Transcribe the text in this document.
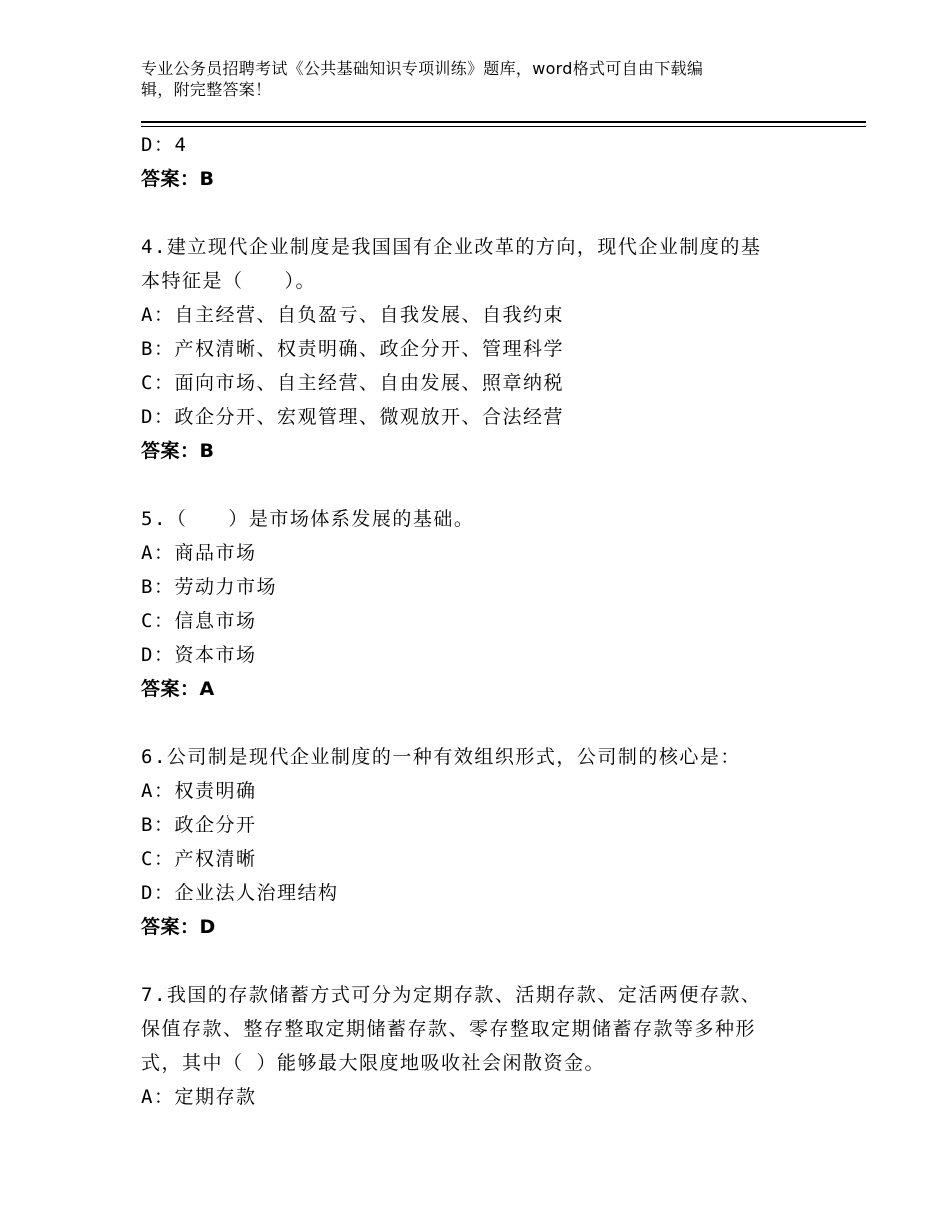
专业公务员招聘考试《公共基础知识专项训练》题库，word格式可自由下载编
辑，附完整答案！
D：4
答案：B
4.建立现代企业制度是我国国有企业改革的方向，现代企业制度的基
本特征是（　　）。
A：自主经营、自负盈亏、自我发展、自我约束
B：产权清晰、权责明确、政企分开、管理科学
C：面向市场、自主经营、自由发展、照章纳税
D：政企分开、宏观管理、微观放开、合法经营
答案：B
5.（　　）是市场体系发展的基础。
A：商品市场
B：劳动力市场
C：信息市场
D：资本市场
答案：A
6.公司制是现代企业制度的一种有效组织形式，公司制的核心是：
A：权责明确
B：政企分开
C：产权清晰
D：企业法人治理结构
答案：D
7.我国的存款储蓄方式可分为定期存款、活期存款、定活两便存款、
保值存款、整存整取定期储蓄存款、零存整取定期储蓄存款等多种形
式，其中（ ）能够最大限度地吸收社会闲散资金。
A：定期存款
